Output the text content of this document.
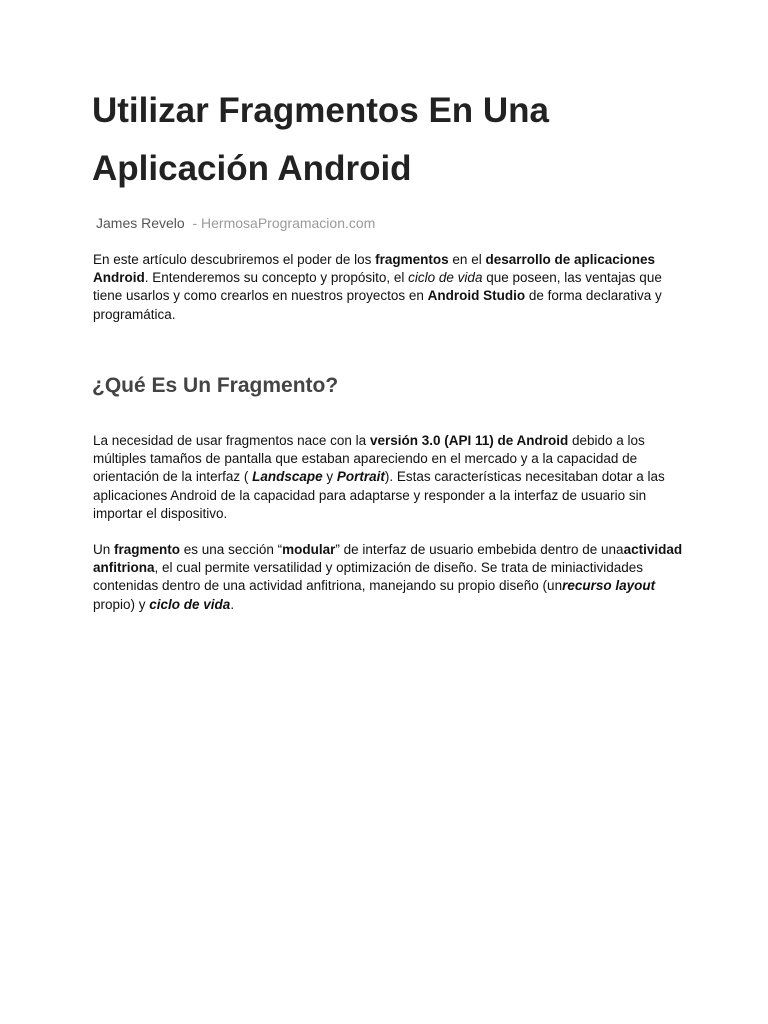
Utilizar Fragmentos En Una
Aplicación Android
James Revelo - HermosaProgramacion.com

En este artículo descubriremos el poder de los fragmentos en el desarrollo de aplicaciones Android. Entenderemos su concepto y propósito, el ciclo de vida que poseen, las ventajas que tiene usarlos y como crearlos en nuestros proyectos en Android Studio de forma declarativa y programática.

¿Qué Es Un Fragmento?

La necesidad de usar fragmentos nace con la versión 3.0 (API 11) de Android debido a los múltiples tamaños de pantalla que estaban apareciendo en el mercado y a la capacidad de orientación de la interfaz ( Landscape y Portrait). Estas características necesitaban dotar a las aplicaciones Android de la capacidad para adaptarse y responder a la interfaz de usuario sin importar el dispositivo.

Un fragmento es una sección “modular” de interfaz de usuario embebida dentro de unaactividad anfitriona, el cual permite versatilidad y optimización de diseño. Se trata de miniactividades contenidas dentro de una actividad anfitriona, manejando su propio diseño (unrecurso layout propio) y ciclo de vida.
